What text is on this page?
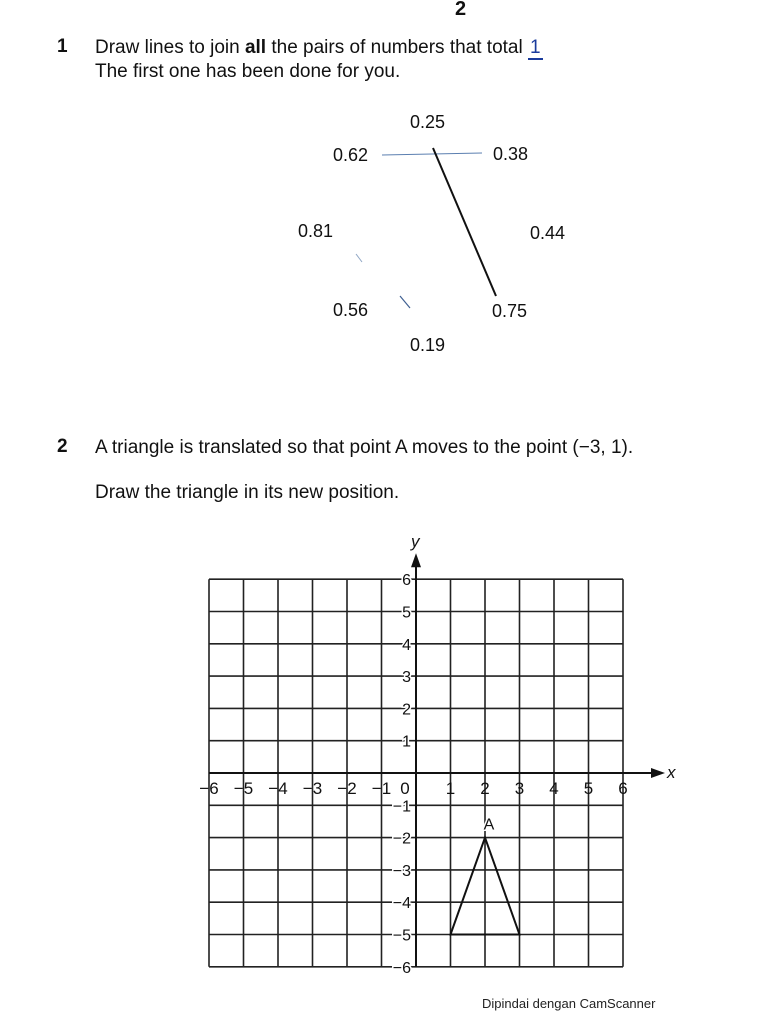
2
1 Draw lines to join all the pairs of numbers that total 1
The first one has been done for you.
0.25
0.62	0.38
0.81	0.44
0.56	0.75
0.19
2 A triangle is translated so that point A moves to the point (−3, 1).
Draw the triangle in its new position.
x
y
−6 −5 −4 −3 −2 −1	1 2 3 4 5 6
0
6
5
4
3
2
1
−1
−2
−3
−4
−5
−6
A
Dipindai dengan CamScanner
